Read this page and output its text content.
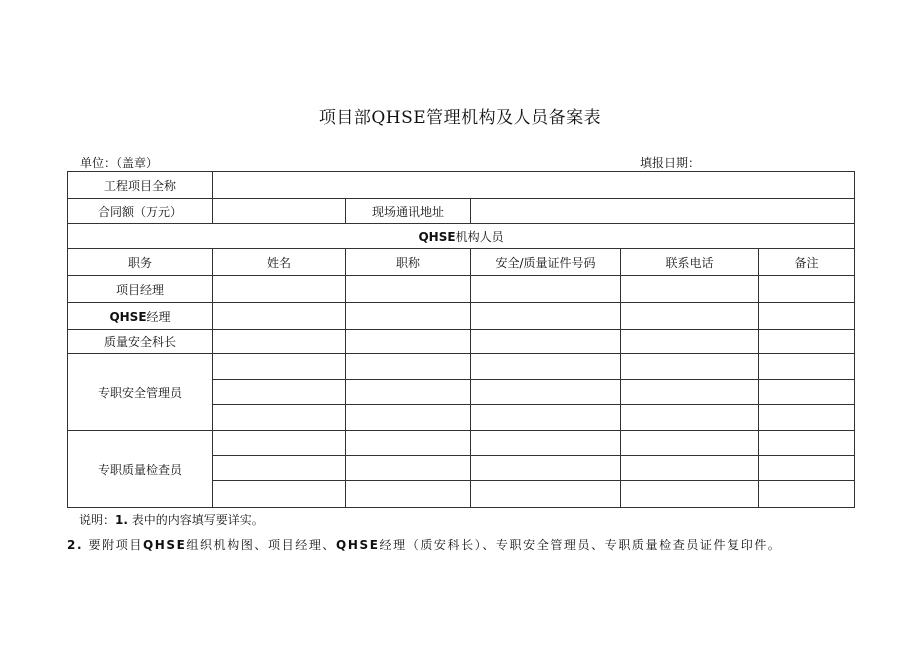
项目部QHSE管理机构及人员备案表
单位：（盖章）	填报日期：
工程项目全称					
合同额（万元）		现场通讯地址			
QHSE机构人员					
职务	姓名	职称	安全/质量证件号码	联系电话	备注
项目经理					
QHSE经理					
质量安全科长					
专职安全管理员					

专职质量检查员					

说明：1. 表中的内容填写要详实。
2. 要附项目QHSE组织机构图、项目经理、QHSE经理（质安科长）、专职安全管理员、专职质量检查员证件复印件。
